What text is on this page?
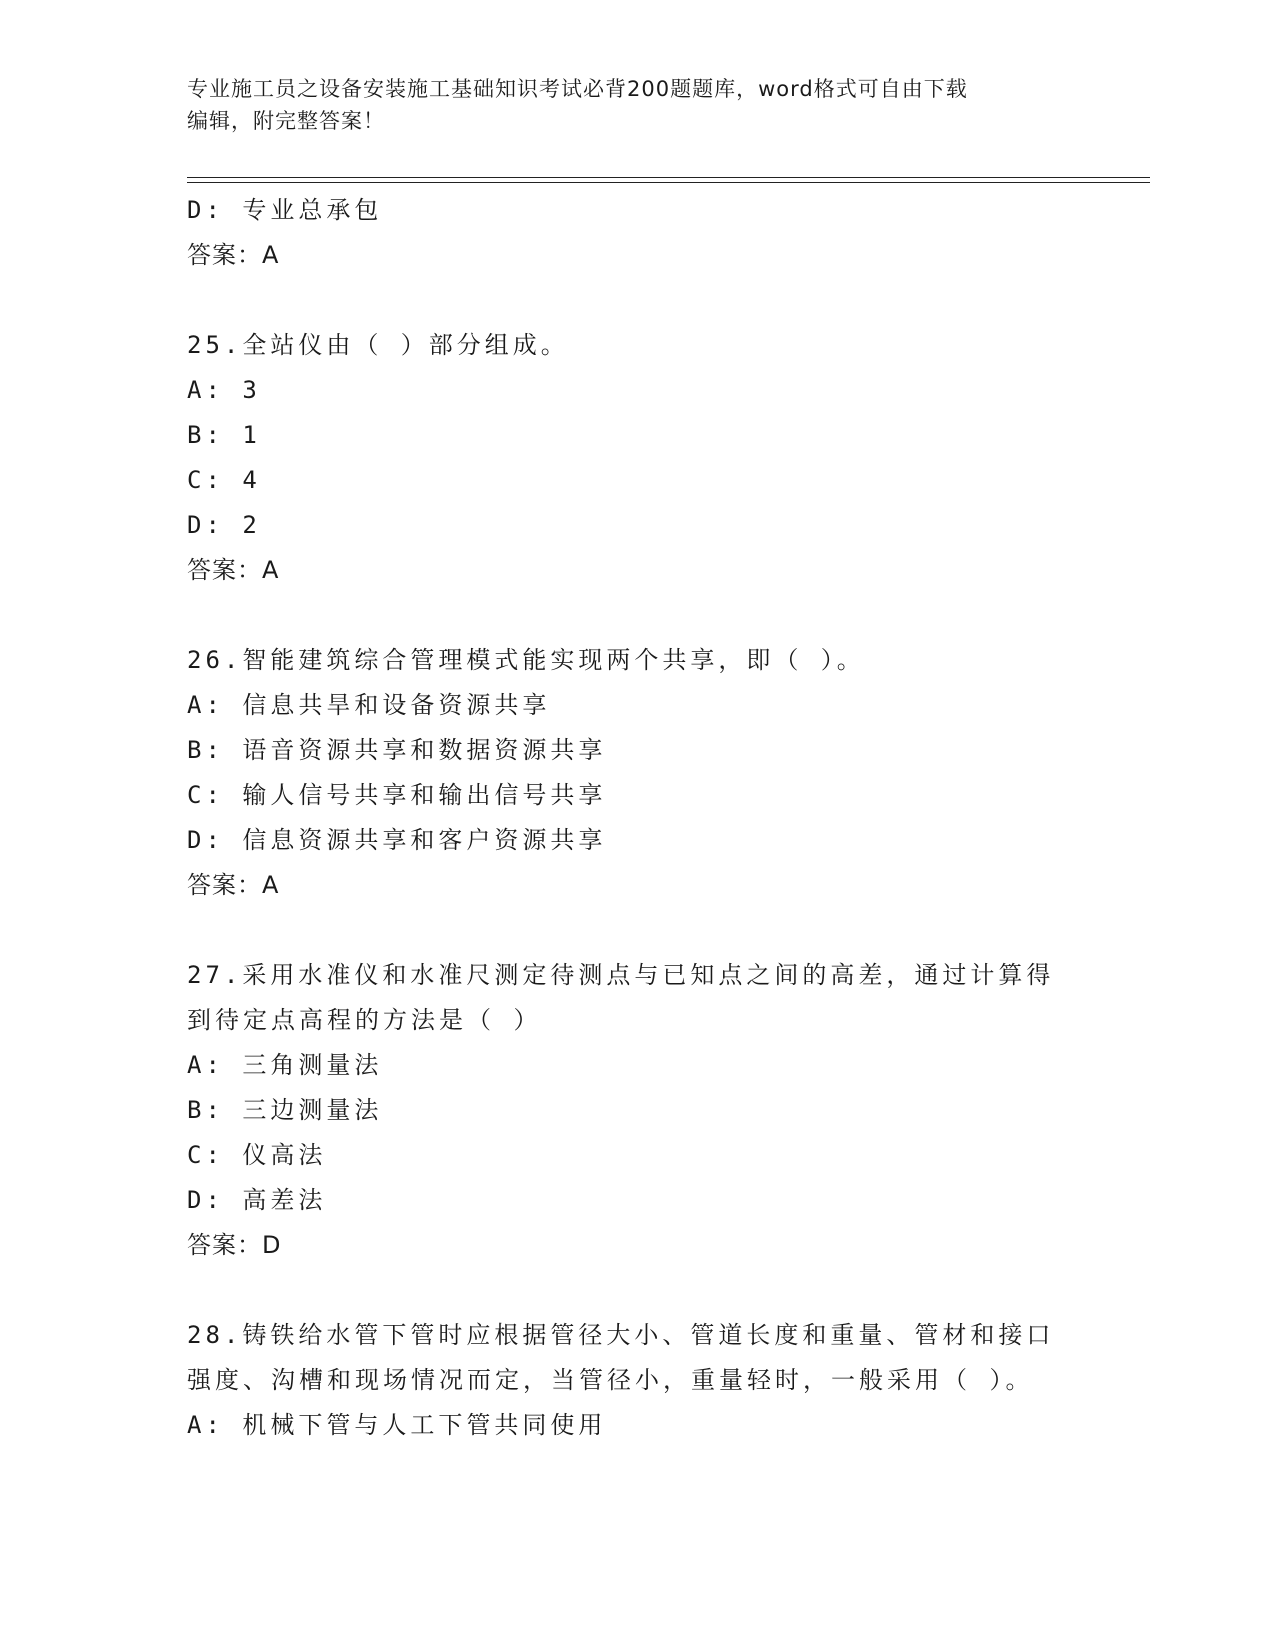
专业施工员之设备安装施工基础知识考试必背200题题库，word格式可自由下载
编辑，附完整答案！
D: 专业总承包
答案：A
25.全站仪由（ ）部分组成。
A: 3
B: 1
C: 4
D: 2
答案：A
26.智能建筑综合管理模式能实现两个共享，即（ ）。
A: 信息共旱和设备资源共享
B: 语音资源共享和数据资源共享
C: 输人信号共享和输出信号共享
D: 信息资源共享和客户资源共享
答案：A
27.采用水准仪和水准尺测定待测点与已知点之间的高差，通过计算得
到待定点高程的方法是（ ）
A: 三角测量法
B: 三边测量法
C: 仪高法
D: 高差法
答案：D
28.铸铁给水管下管时应根据管径大小、管道长度和重量、管材和接口
强度、沟槽和现场情况而定，当管径小，重量轻时，一般采用（ ）。
A: 机械下管与人工下管共同使用
